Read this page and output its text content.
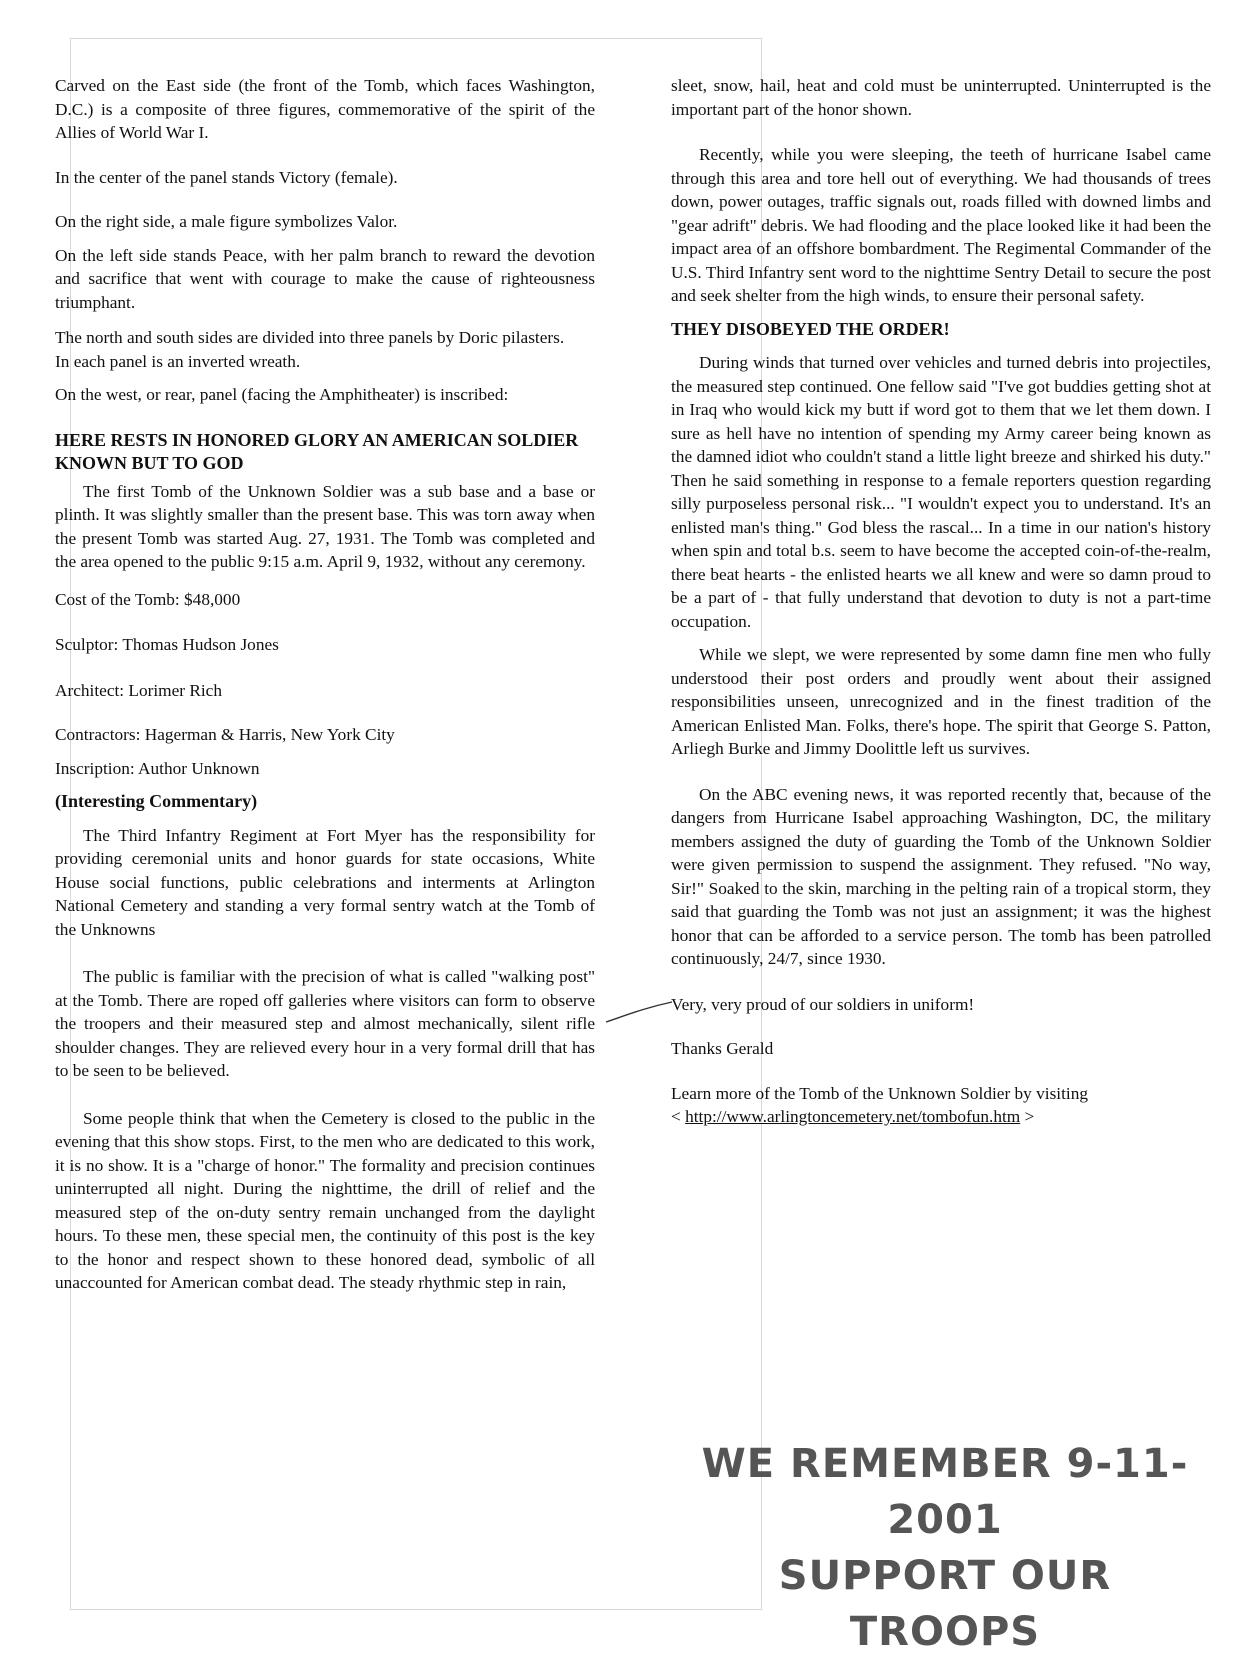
Carved on the East side (the front of the Tomb, which faces Washington, D.C.) is a composite of three figures, commemorative of the spirit of the Allies of World War I.

In the center of the panel stands Victory (female).

On the right side, a male figure symbolizes Valor.

On the left side stands Peace, with her palm branch to reward the devotion and sacrifice that went with courage to make the cause of righteousness triumphant.

The north and south sides are divided into three panels by Doric pilasters.

In each panel is an inverted wreath.

On the west, or rear, panel (facing the Amphitheater) is inscribed:

HERE RESTS IN HONORED GLORY AN AMERICAN SOLDIER KNOWN BUT TO GOD

The first Tomb of the Unknown Soldier was a sub base and a base or plinth. It was slightly smaller than the present base. This was torn away when the present Tomb was started Aug. 27, 1931. The Tomb was completed and the area opened to the public 9:15 a.m. April 9, 1932, without any ceremony.

Cost of the Tomb: $48,000

Sculptor: Thomas Hudson Jones

Architect: Lorimer Rich

Contractors: Hagerman & Harris, New York City

Inscription: Author Unknown

(Interesting Commentary)

The Third Infantry Regiment at Fort Myer has the responsibility for providing ceremonial units and honor guards for state occasions, White House social functions, public celebrations and interments at Arlington National Cemetery and standing a very formal sentry watch at the Tomb of the Unknowns

The public is familiar with the precision of what is called "walking post" at the Tomb. There are roped off galleries where visitors can form to observe the troopers and their measured step and almost mechanically, silent rifle shoulder changes. They are relieved every hour in a very formal drill that has to be seen to be believed.

Some people think that when the Cemetery is closed to the public in the evening that this show stops. First, to the men who are dedicated to this work, it is no show. It is a "charge of honor." The formality and precision continues uninterrupted all night. During the nighttime, the drill of relief and the measured step of the on-duty sentry remain unchanged from the daylight hours. To these men, these special men, the continuity of this post is the key to the honor and respect shown to these honored dead, symbolic of all unaccounted for American combat dead. The steady rhythmic step in rain,

sleet, snow, hail, heat and cold must be uninterrupted. Uninterrupted is the important part of the honor shown.

Recently, while you were sleeping, the teeth of hurricane Isabel came through this area and tore hell out of everything. We had thousands of trees down, power outages, traffic signals out, roads filled with downed limbs and "gear adrift" debris. We had flooding and the place looked like it had been the impact area of an offshore bombardment. The Regimental Commander of the U.S. Third Infantry sent word to the nighttime Sentry Detail to secure the post and seek shelter from the high winds, to ensure their personal safety.

THEY DISOBEYED THE ORDER!

During winds that turned over vehicles and turned debris into projectiles, the measured step continued. One fellow said "I've got buddies getting shot at in Iraq who would kick my butt if word got to them that we let them down. I sure as hell have no intention of spending my Army career being known as the damned idiot who couldn't stand a little light breeze and shirked his duty." Then he said something in response to a female reporters question regarding silly purposeless personal risk... "I wouldn't expect you to understand. It's an enlisted man's thing." God bless the rascal... In a time in our nation's history when spin and total b.s. seem to have become the accepted coin-of-the-realm, there beat hearts - the enlisted hearts we all knew and were so damn proud to be a part of - that fully understand that devotion to duty is not a part-time occupation.

While we slept, we were represented by some damn fine men who fully understood their post orders and proudly went about their assigned responsibilities unseen, unrecognized and in the finest tradition of the American Enlisted Man. Folks, there's hope. The spirit that George S. Patton, Arliegh Burke and Jimmy Doolittle left us survives.

On the ABC evening news, it was reported recently that, because of the dangers from Hurricane Isabel approaching Washington, DC, the military members assigned the duty of guarding the Tomb of the Unknown Soldier were given permission to suspend the assignment. They refused. "No way, Sir!" Soaked to the skin, marching in the pelting rain of a tropical storm, they said that guarding the Tomb was not just an assignment; it was the highest honor that can be afforded to a service person. The tomb has been patrolled continuously, 24/7, since 1930.

Very, very proud of our soldiers in uniform!

Thanks Gerald

Learn more of the Tomb of the Unknown Soldier by visiting

< http://www.arlingtoncemetery.net/tombofun.htm >

WE REMEMBER 9-11-2001
SUPPORT OUR TROOPS
